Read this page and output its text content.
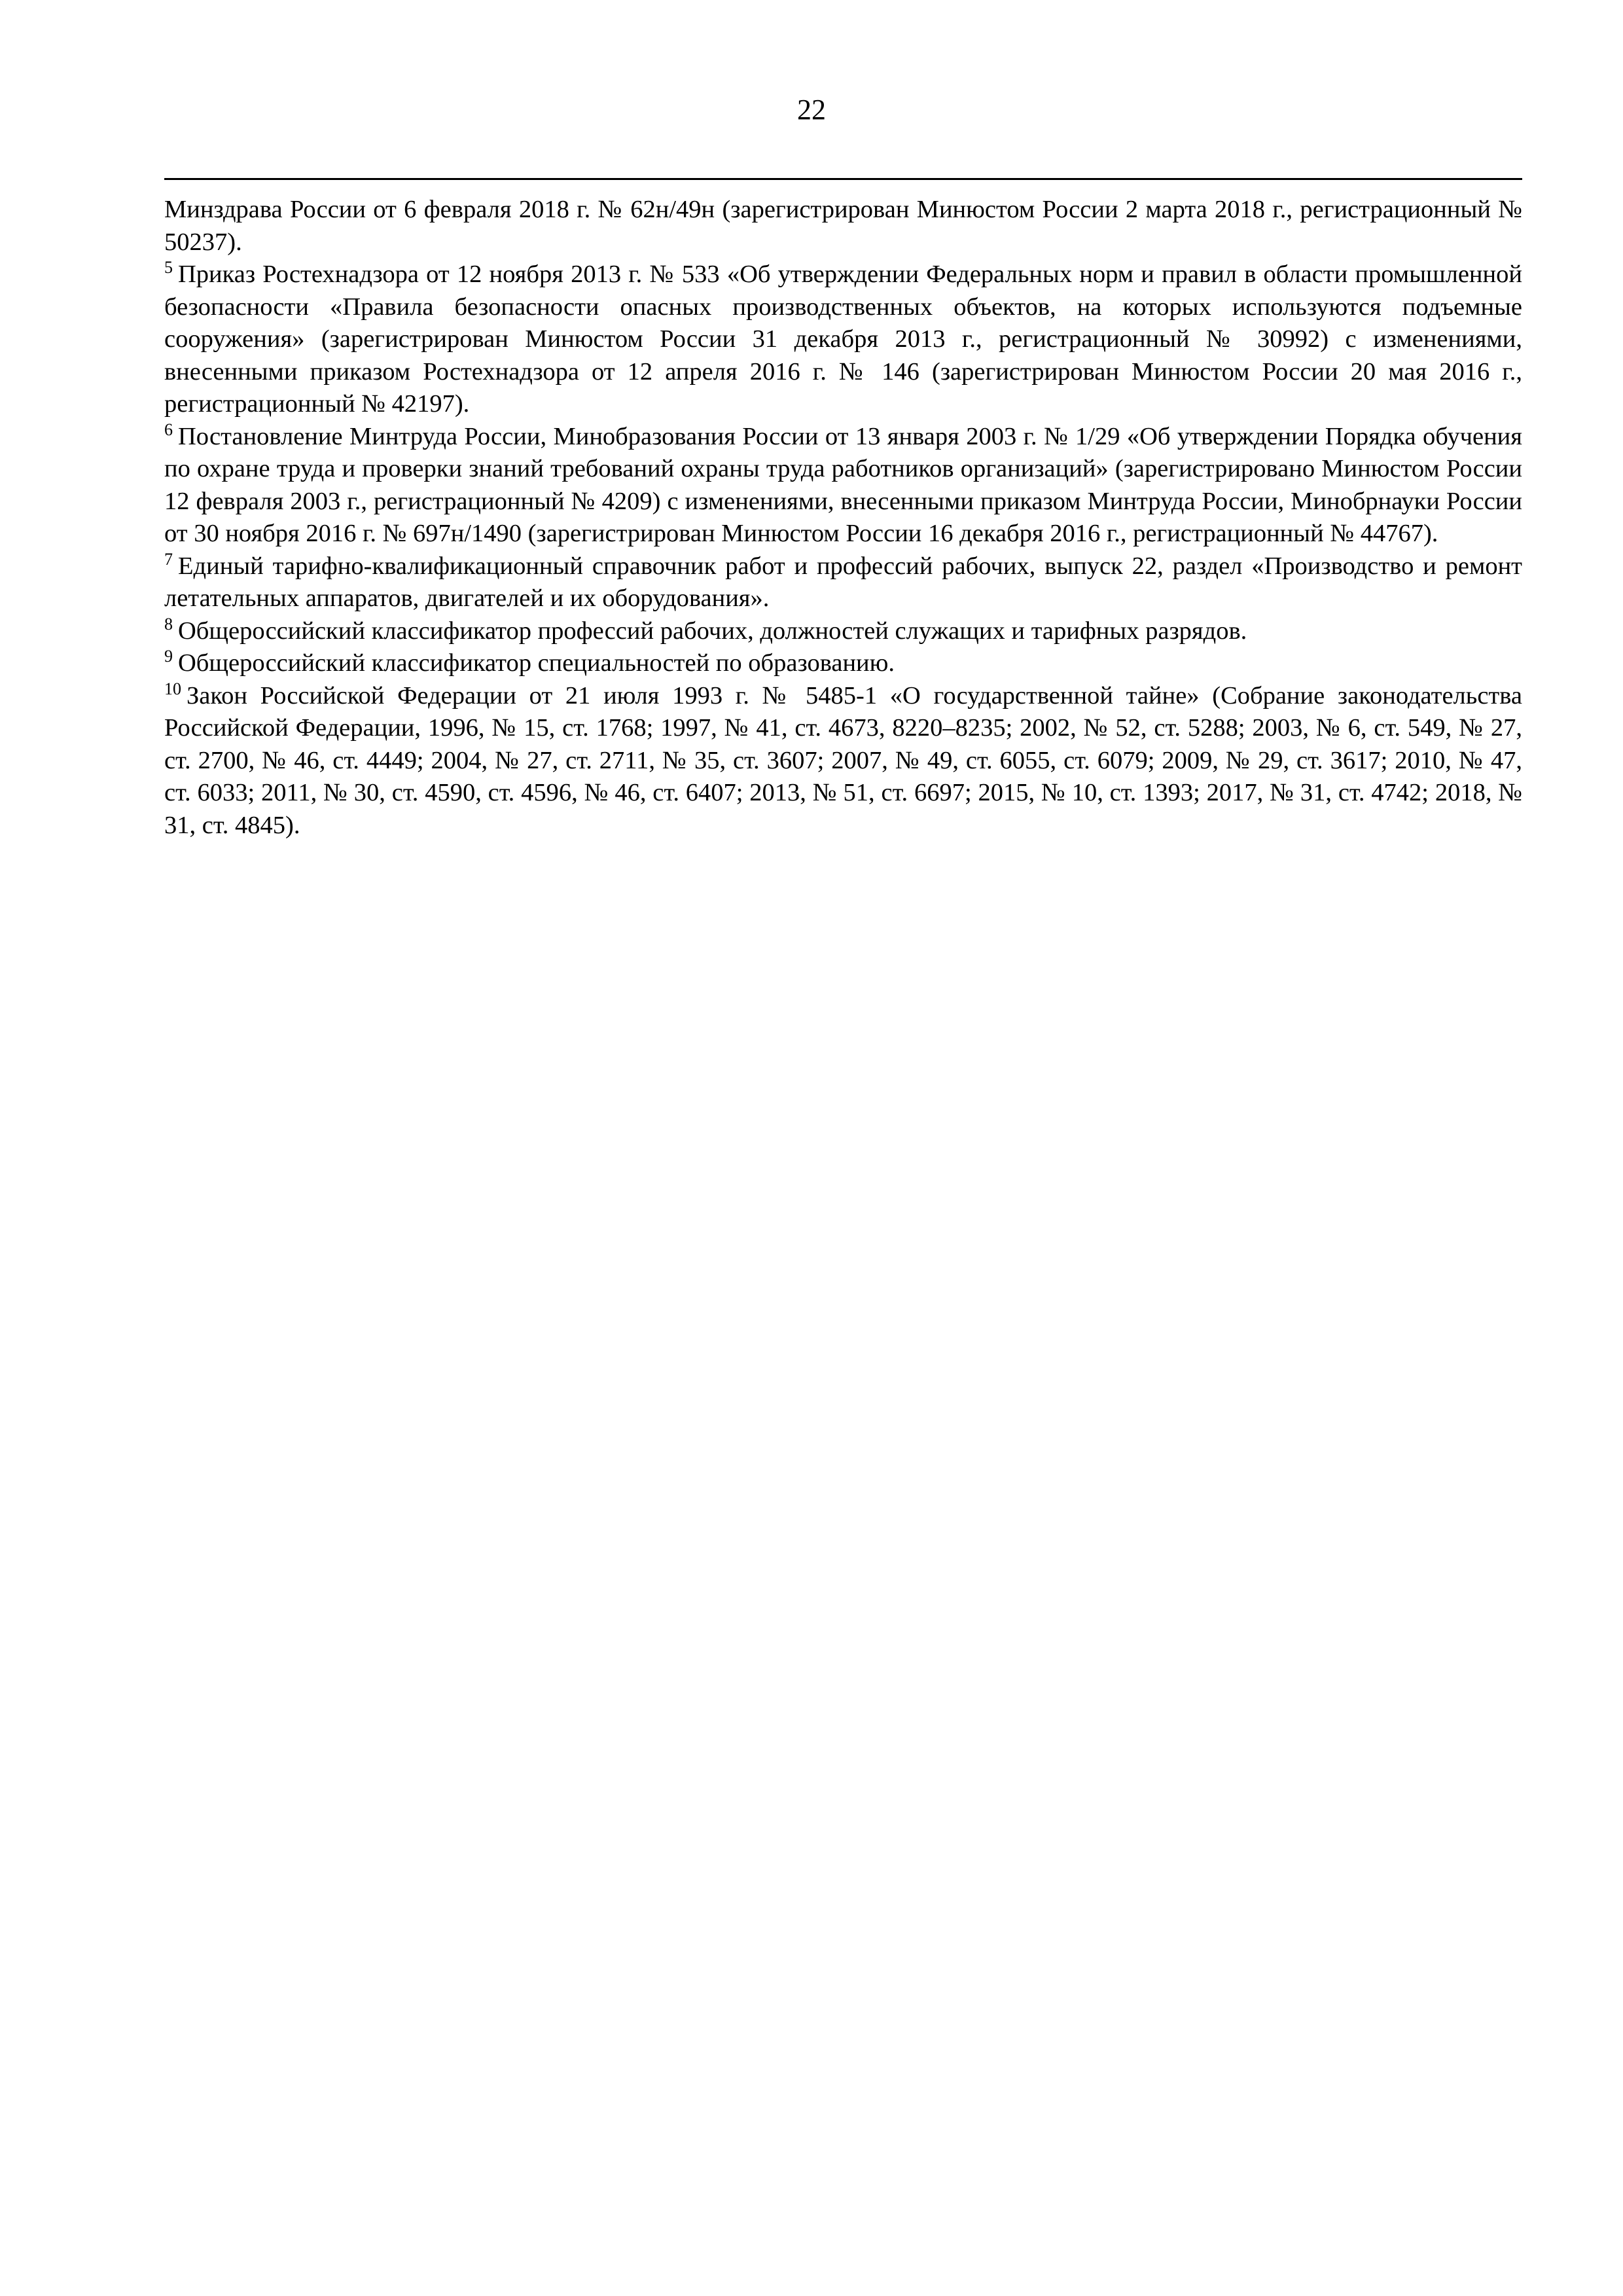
22

Минздрава России от 6 февраля 2018 г. № 62н/49н (зарегистрирован Минюстом России 2 марта 2018 г., регистрационный № 50237).

$^5$ Приказ Ростехнадзора от 12 ноября 2013 г. № 533 «Об утверждении Федеральных норм и правил в области промышленной безопасности «Правила безопасности опасных производственных объектов, на которых используются подъемные сооружения» (зарегистрирован Минюстом России 31 декабря 2013 г., регистрационный № 30992) с изменениями, внесенными приказом Ростехнадзора от 12 апреля 2016 г. № 146 (зарегистрирован Минюстом России 20 мая 2016 г., регистрационный № 42197).

$^6$ Постановление Минтруда России, Минобразования России от 13 января 2003 г. № 1/29 «Об утверждении Порядка обучения по охране труда и проверки знаний требований охраны труда работников организаций» (зарегистрировано Минюстом России 12 февраля 2003 г., регистрационный № 4209) с изменениями, внесенными приказом Минтруда России, Минобрнауки России от 30 ноября 2016 г. № 697н/1490 (зарегистрирован Минюстом России 16 декабря 2016 г., регистрационный № 44767).

$^7$ Единый тарифно-квалификационный справочник работ и профессий рабочих, выпуск 22, раздел «Производство и ремонт летательных аппаратов, двигателей и их оборудования».

$^8$ Общероссийский классификатор профессий рабочих, должностей служащих и тарифных разрядов.

$^9$ Общероссийский классификатор специальностей по образованию.

$^{10}$ Закон Российской Федерации от 21 июля 1993 г. № 5485-1 «О государственной тайне» (Собрание законодательства Российской Федерации, 1996, № 15, ст. 1768; 1997, № 41, ст. 4673, 8220–8235; 2002, № 52, ст. 5288; 2003, № 6, ст. 549, № 27, ст. 2700, № 46, ст. 4449; 2004, № 27, ст. 2711, № 35, ст. 3607; 2007, № 49, ст. 6055, ст. 6079; 2009, № 29, ст. 3617; 2010, № 47, ст. 6033; 2011, № 30, ст. 4590, ст. 4596, № 46, ст. 6407; 2013, № 51, ст. 6697; 2015, № 10, ст. 1393; 2017, № 31, ст. 4742; 2018, № 31, ст. 4845).
